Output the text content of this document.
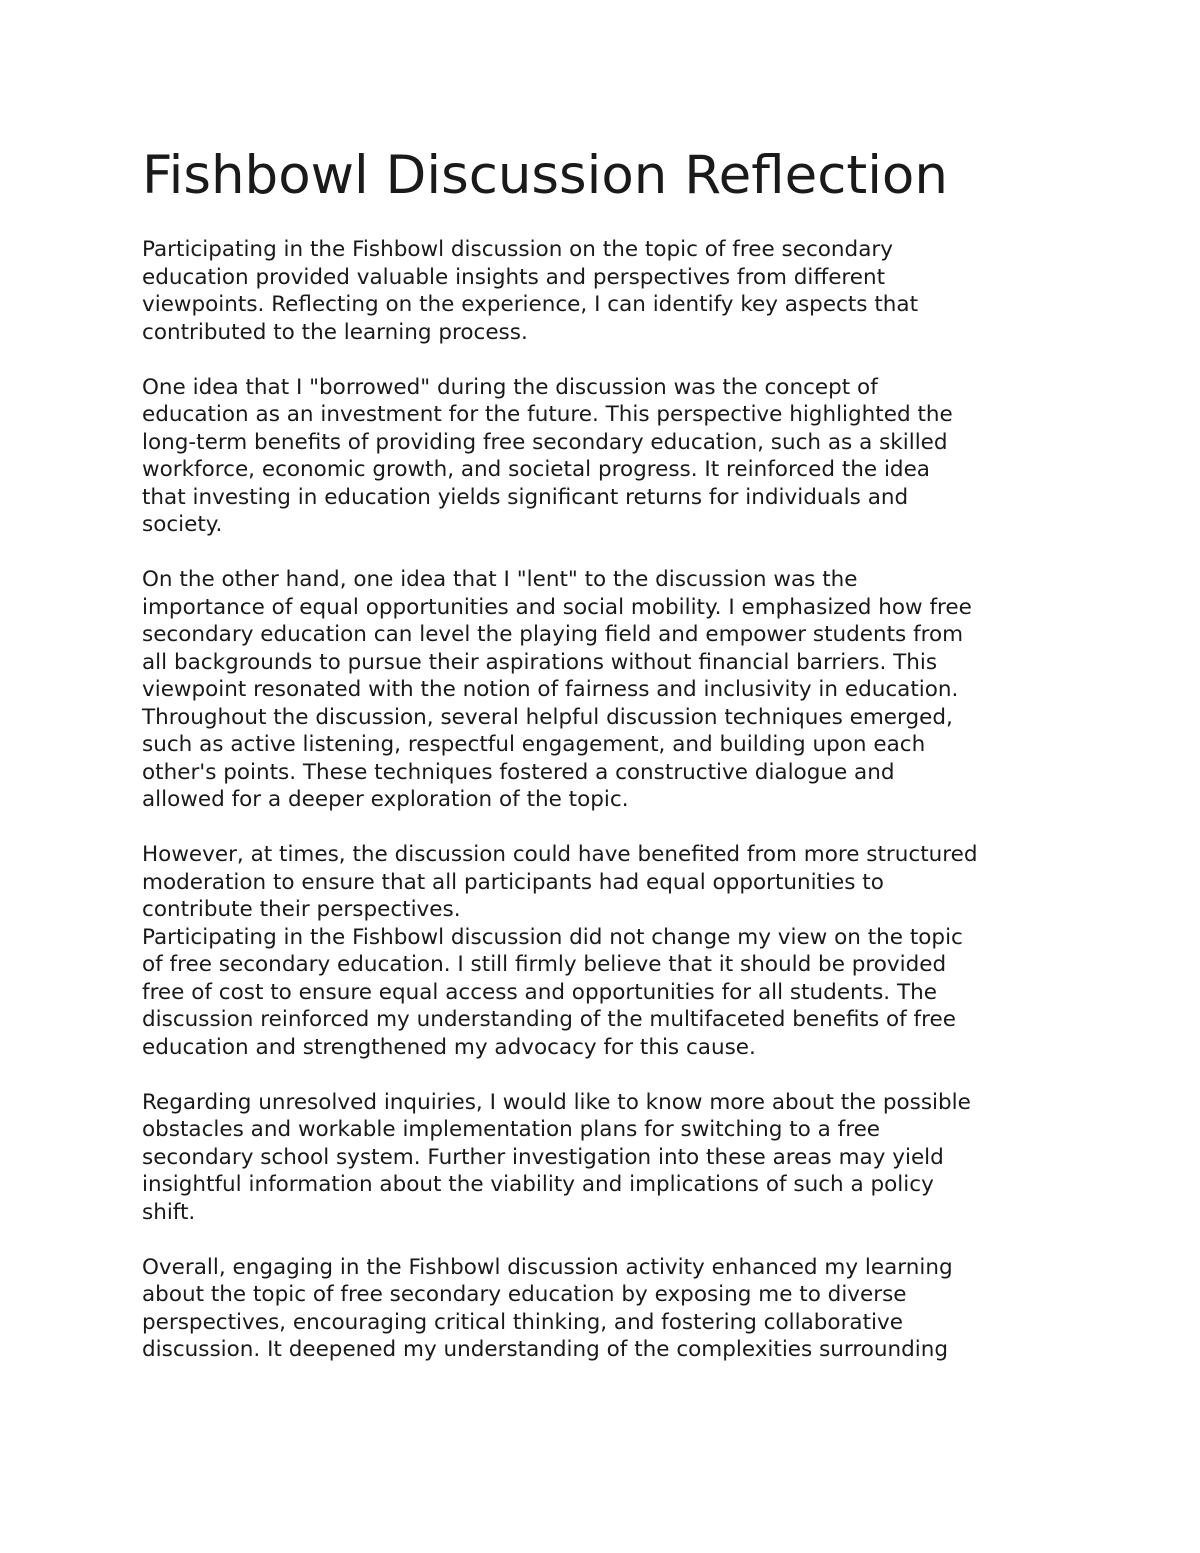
Fishbowl Discussion Reflection
Participating in the Fishbowl discussion on the topic of free secondary
education provided valuable insights and perspectives from different
viewpoints. Reflecting on the experience, I can identify key aspects that
contributed to the learning process.
One idea that I "borrowed" during the discussion was the concept of
education as an investment for the future. This perspective highlighted the
long-term benefits of providing free secondary education, such as a skilled
workforce, economic growth, and societal progress. It reinforced the idea
that investing in education yields significant returns for individuals and
society.
On the other hand, one idea that I "lent" to the discussion was the
importance of equal opportunities and social mobility. I emphasized how free
secondary education can level the playing field and empower students from
all backgrounds to pursue their aspirations without financial barriers. This
viewpoint resonated with the notion of fairness and inclusivity in education.
Throughout the discussion, several helpful discussion techniques emerged,
such as active listening, respectful engagement, and building upon each
other's points. These techniques fostered a constructive dialogue and
allowed for a deeper exploration of the topic.
However, at times, the discussion could have benefited from more structured
moderation to ensure that all participants had equal opportunities to
contribute their perspectives.
Participating in the Fishbowl discussion did not change my view on the topic
of free secondary education. I still firmly believe that it should be provided
free of cost to ensure equal access and opportunities for all students. The
discussion reinforced my understanding of the multifaceted benefits of free
education and strengthened my advocacy for this cause.
Regarding unresolved inquiries, I would like to know more about the possible
obstacles and workable implementation plans for switching to a free
secondary school system. Further investigation into these areas may yield
insightful information about the viability and implications of such a policy
shift.
Overall, engaging in the Fishbowl discussion activity enhanced my learning
about the topic of free secondary education by exposing me to diverse
perspectives, encouraging critical thinking, and fostering collaborative
discussion. It deepened my understanding of the complexities surrounding
